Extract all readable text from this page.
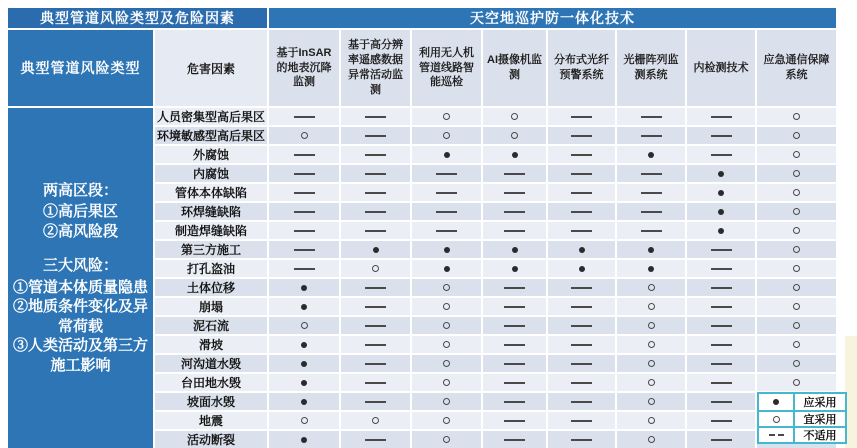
典型管道风险类型及危险因素	天空地巡护防一体化技术
典型管道风险类型	危害因素
两高区段：
①高后果区
②高风险段
三大风险：
①管道本体质量隐患
②地质条件变化及异常荷载
③人类活动及第三方施工影响
基于InSAR的地表沉降监测
基于高分辨率遥感数据异常活动监测
利用无人机管道线路智能巡检
AI摄像机监测
分布式光纤预警系统
光栅阵列监测系统
内检测技术
应急通信保障系统
人员密集型高后果区
环境敏感型高后果区
外腐蚀
内腐蚀
管体本体缺陷
环焊缝缺陷
制造焊缝缺陷
第三方施工
打孔盗油
土体位移
崩塌
泥石流
滑坡
河沟道水毁
台田地水毁
坡面水毁
地震
活动断裂
应采用
宜采用
不适用
